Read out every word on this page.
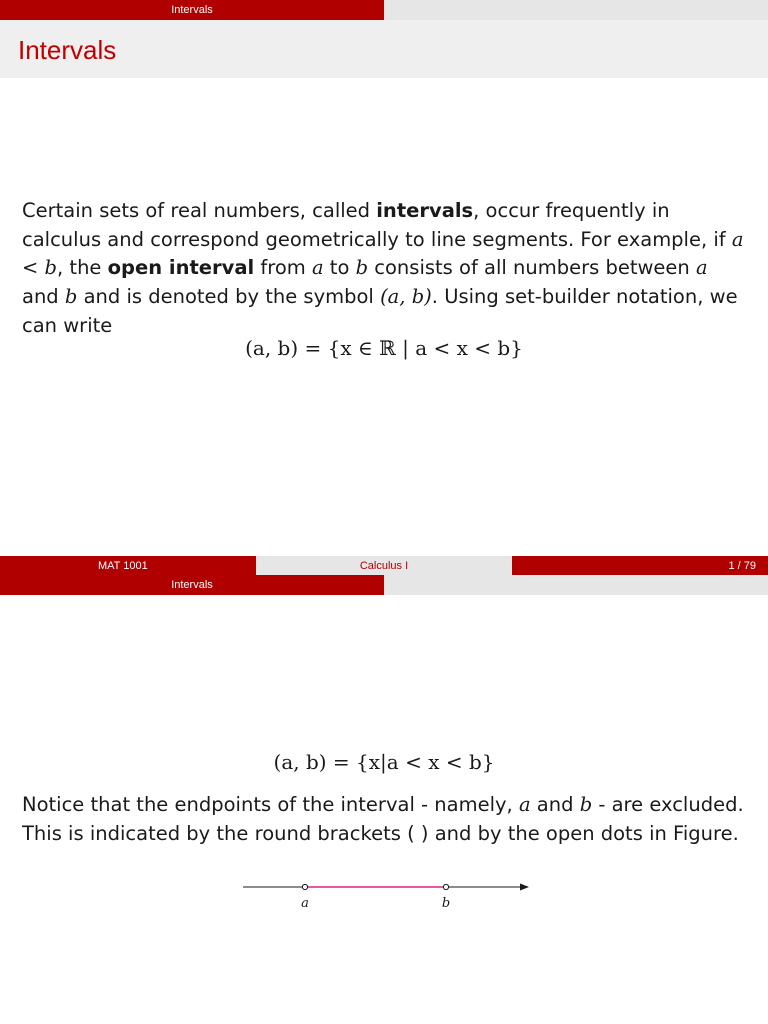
Intervals
Intervals
Certain sets of real numbers, called intervals, occur frequently in calculus and correspond geometrically to line segments. For example, if a < b, the open interval from a to b consists of all numbers between a and b and is denoted by the symbol (a, b). Using set-builder notation, we can write
(a, b) = {x ∈ ℝ | a < x < b}
MAT 1001	Calculus I	1 / 79
Intervals
(a, b) = {x|a < x < b}
Notice that the endpoints of the interval - namely, a and b - are excluded. This is indicated by the round brackets ( ) and by the open dots in Figure.
a	b
